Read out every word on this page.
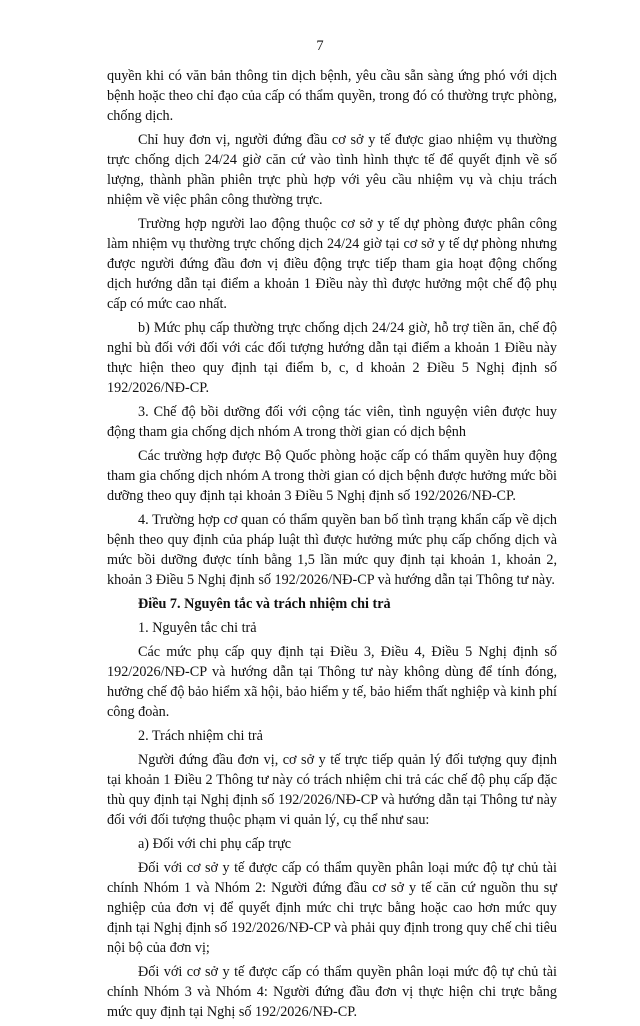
7

quyền khi có văn bản thông tin dịch bệnh, yêu cầu sẵn sàng ứng phó với dịch bệnh hoặc theo chỉ đạo của cấp có thẩm quyền, trong đó có thường trực phòng, chống dịch.

Chỉ huy đơn vị, người đứng đầu cơ sở y tế được giao nhiệm vụ thường trực chống dịch 24/24 giờ căn cứ vào tình hình thực tế để quyết định về số lượng, thành phần phiên trực phù hợp với yêu cầu nhiệm vụ và chịu trách nhiệm về việc phân công thường trực.

Trường hợp người lao động thuộc cơ sở y tế dự phòng được phân công làm nhiệm vụ thường trực chống dịch 24/24 giờ tại cơ sở y tế dự phòng nhưng được người đứng đầu đơn vị điều động trực tiếp tham gia hoạt động chống dịch hướng dẫn tại điểm a khoản 1 Điều này thì được hưởng một chế độ phụ cấp có mức cao nhất.

b) Mức phụ cấp thường trực chống dịch 24/24 giờ, hỗ trợ tiền ăn, chế độ nghỉ bù đối với đối với các đối tượng hướng dẫn tại điểm a khoản 1 Điều này thực hiện theo quy định tại điểm b, c, d khoản 2 Điều 5 Nghị định số 192/2026/NĐ-CP.

3. Chế độ bồi dưỡng đối với cộng tác viên, tình nguyện viên được huy động tham gia chống dịch nhóm A trong thời gian có dịch bệnh

Các trường hợp được Bộ Quốc phòng hoặc cấp có thẩm quyền huy động tham gia chống dịch nhóm A trong thời gian có dịch bệnh được hưởng mức bồi dưỡng theo quy định tại khoản 3 Điều 5 Nghị định số 192/2026/NĐ-CP.

4. Trường hợp cơ quan có thẩm quyền ban bố tình trạng khẩn cấp về dịch bệnh theo quy định của pháp luật thì được hưởng mức phụ cấp chống dịch và mức bồi dưỡng được tính bằng 1,5 lần mức quy định tại khoản 1, khoản 2, khoản 3 Điều 5 Nghị định số 192/2026/NĐ-CP và hướng dẫn tại Thông tư này.

Điều 7. Nguyên tắc và trách nhiệm chi trả

1. Nguyên tắc chi trả

Các mức phụ cấp quy định tại Điều 3, Điều 4, Điều 5 Nghị định số 192/2026/NĐ-CP và hướng dẫn tại Thông tư này không dùng để tính đóng, hưởng chế độ bảo hiểm xã hội, bảo hiểm y tế, bảo hiểm thất nghiệp và kinh phí công đoàn.

2. Trách nhiệm chi trả

Người đứng đầu đơn vị, cơ sở y tế trực tiếp quản lý đối tượng quy định tại khoản 1 Điều 2 Thông tư này có trách nhiệm chi trả các chế độ phụ cấp đặc thù quy định tại Nghị định số 192/2026/NĐ-CP và hướng dẫn tại Thông tư này đối với đối tượng thuộc phạm vi quản lý, cụ thể như sau:

a) Đối với chi phụ cấp trực

Đối với cơ sở y tế được cấp có thẩm quyền phân loại mức độ tự chủ tài chính Nhóm 1 và Nhóm 2: Người đứng đầu cơ sở y tế căn cứ nguồn thu sự nghiệp của đơn vị để quyết định mức chi trực bằng hoặc cao hơn mức quy định tại Nghị định số 192/2026/NĐ-CP và phải quy định trong quy chế chi tiêu nội bộ của đơn vị;

Đối với cơ sở y tế được cấp có thẩm quyền phân loại mức độ tự chủ tài chính Nhóm 3 và Nhóm 4: Người đứng đầu đơn vị thực hiện chi trực bằng mức quy định tại Nghị số 192/2026/NĐ-CP.
